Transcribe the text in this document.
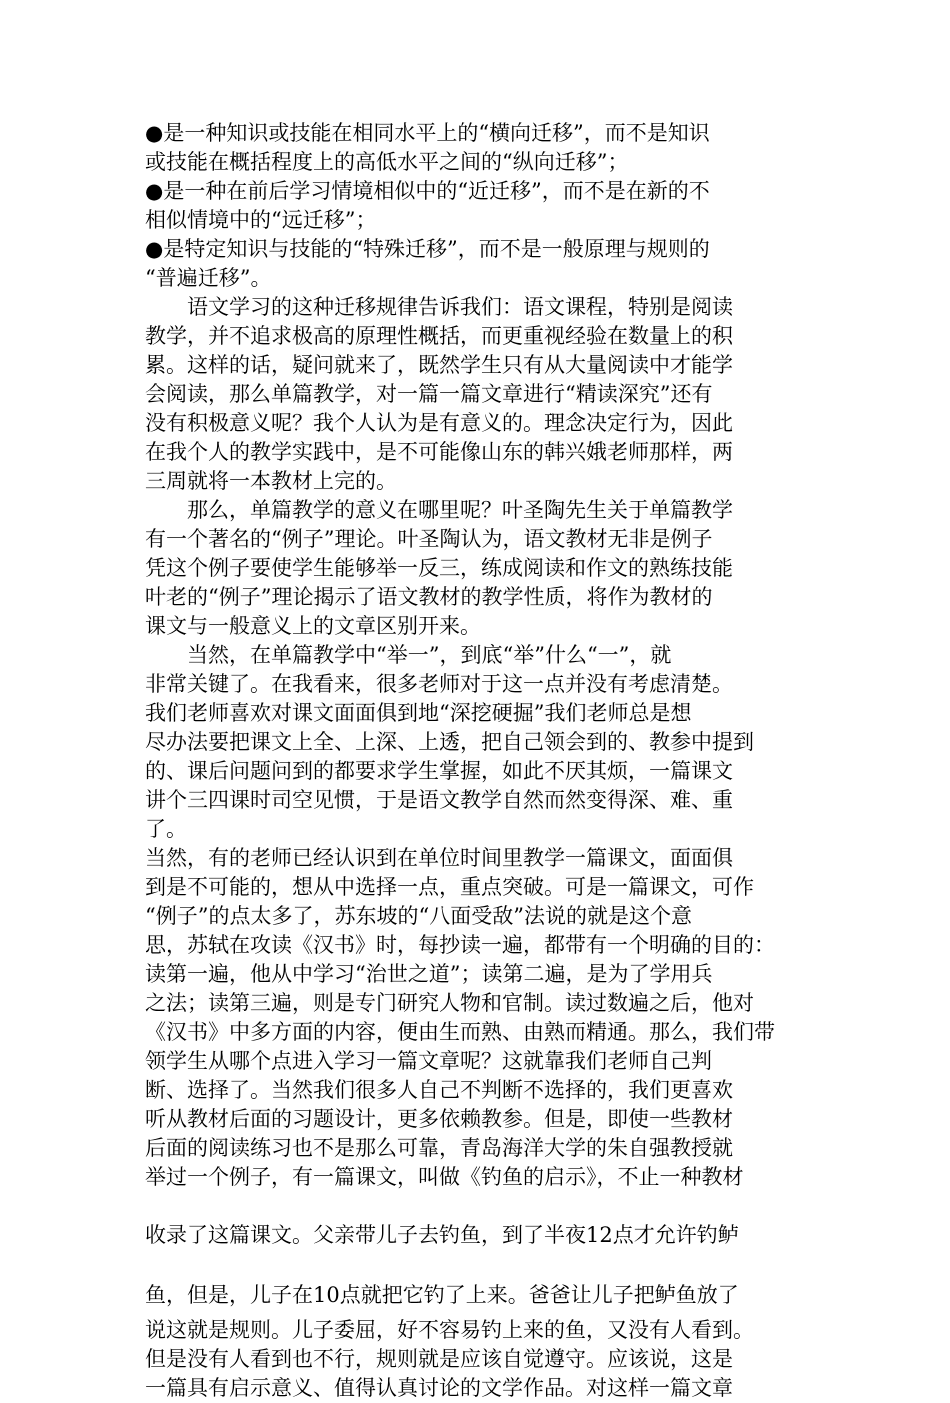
●是一种知识或技能在相同水平上的“横向迁移”，而不是知识
或技能在概括程度上的高低水平之间的“纵向迁移”；
●是一种在前后学习情境相似中的“近迁移”，而不是在新的不
相似情境中的“远迁移”；
●是特定知识与技能的“特殊迁移”，而不是一般原理与规则的
“普遍迁移”。
语文学习的这种迁移规律告诉我们：语文课程，特别是阅读
教学，并不追求极高的原理性概括，而更重视经验在数量上的积
累。这样的话，疑问就来了，既然学生只有从大量阅读中才能学
会阅读，那么单篇教学，对一篇一篇文章进行“精读深究”还有
没有积极意义呢？我个人认为是有意义的。理念决定行为，因此
在我个人的教学实践中，是不可能像山东的韩兴娥老师那样，两
三周就将一本教材上完的。
那么，单篇教学的意义在哪里呢？叶圣陶先生关于单篇教学
有一个著名的“例子”理论。叶圣陶认为，语文教材无非是例子
凭这个例子要使学生能够举一反三，练成阅读和作文的熟练技能
叶老的“例子”理论揭示了语文教材的教学性质，将作为教材的
课文与一般意义上的文章区别开来。
当然，在单篇教学中“举一”，到底“举”什么“一”，就
非常关键了。在我看来，很多老师对于这一点并没有考虑清楚。
我们老师喜欢对课文面面俱到地“深挖硬掘”我们老师总是想
尽办法要把课文上全、上深、上透，把自己领会到的、教参中提到
的、课后问题问到的都要求学生掌握，如此不厌其烦，一篇课文
讲个三四课时司空见惯，于是语文教学自然而然变得深、难、重
了。
当然，有的老师已经认识到在单位时间里教学一篇课文，面面俱
到是不可能的，想从中选择一点，重点突破。可是一篇课文，可作
“例子”的点太多了，苏东坡的“八面受敌”法说的就是这个意
思，苏轼在攻读《汉书》时，每抄读一遍，都带有一个明确的目的：
读第一遍，他从中学习“治世之道”；读第二遍，是为了学用兵
之法；读第三遍，则是专门研究人物和官制。读过数遍之后，他对
《汉书》中多方面的内容，便由生而熟、由熟而精通。那么，我们带
领学生从哪个点进入学习一篇文章呢？这就靠我们老师自己判
断、选择了。当然我们很多人自己不判断不选择的，我们更喜欢
听从教材后面的习题设计，更多依赖教参。但是，即使一些教材
后面的阅读练习也不是那么可靠，青岛海洋大学的朱自强教授就
举过一个例子，有一篇课文，叫做《钓鱼的启示》，不止一种教材
收录了这篇课文。父亲带儿子去钓鱼，到了半夜12点才允许钓鲈
鱼，但是，儿子在10点就把它钓了上来。爸爸让儿子把鲈鱼放了
说这就是规则。儿子委屈，好不容易钓上来的鱼，又没有人看到。
但是没有人看到也不行，规则就是应该自觉遵守。应该说，这是
一篇具有启示意义、值得认真讨论的文学作品。对这样一篇文章
